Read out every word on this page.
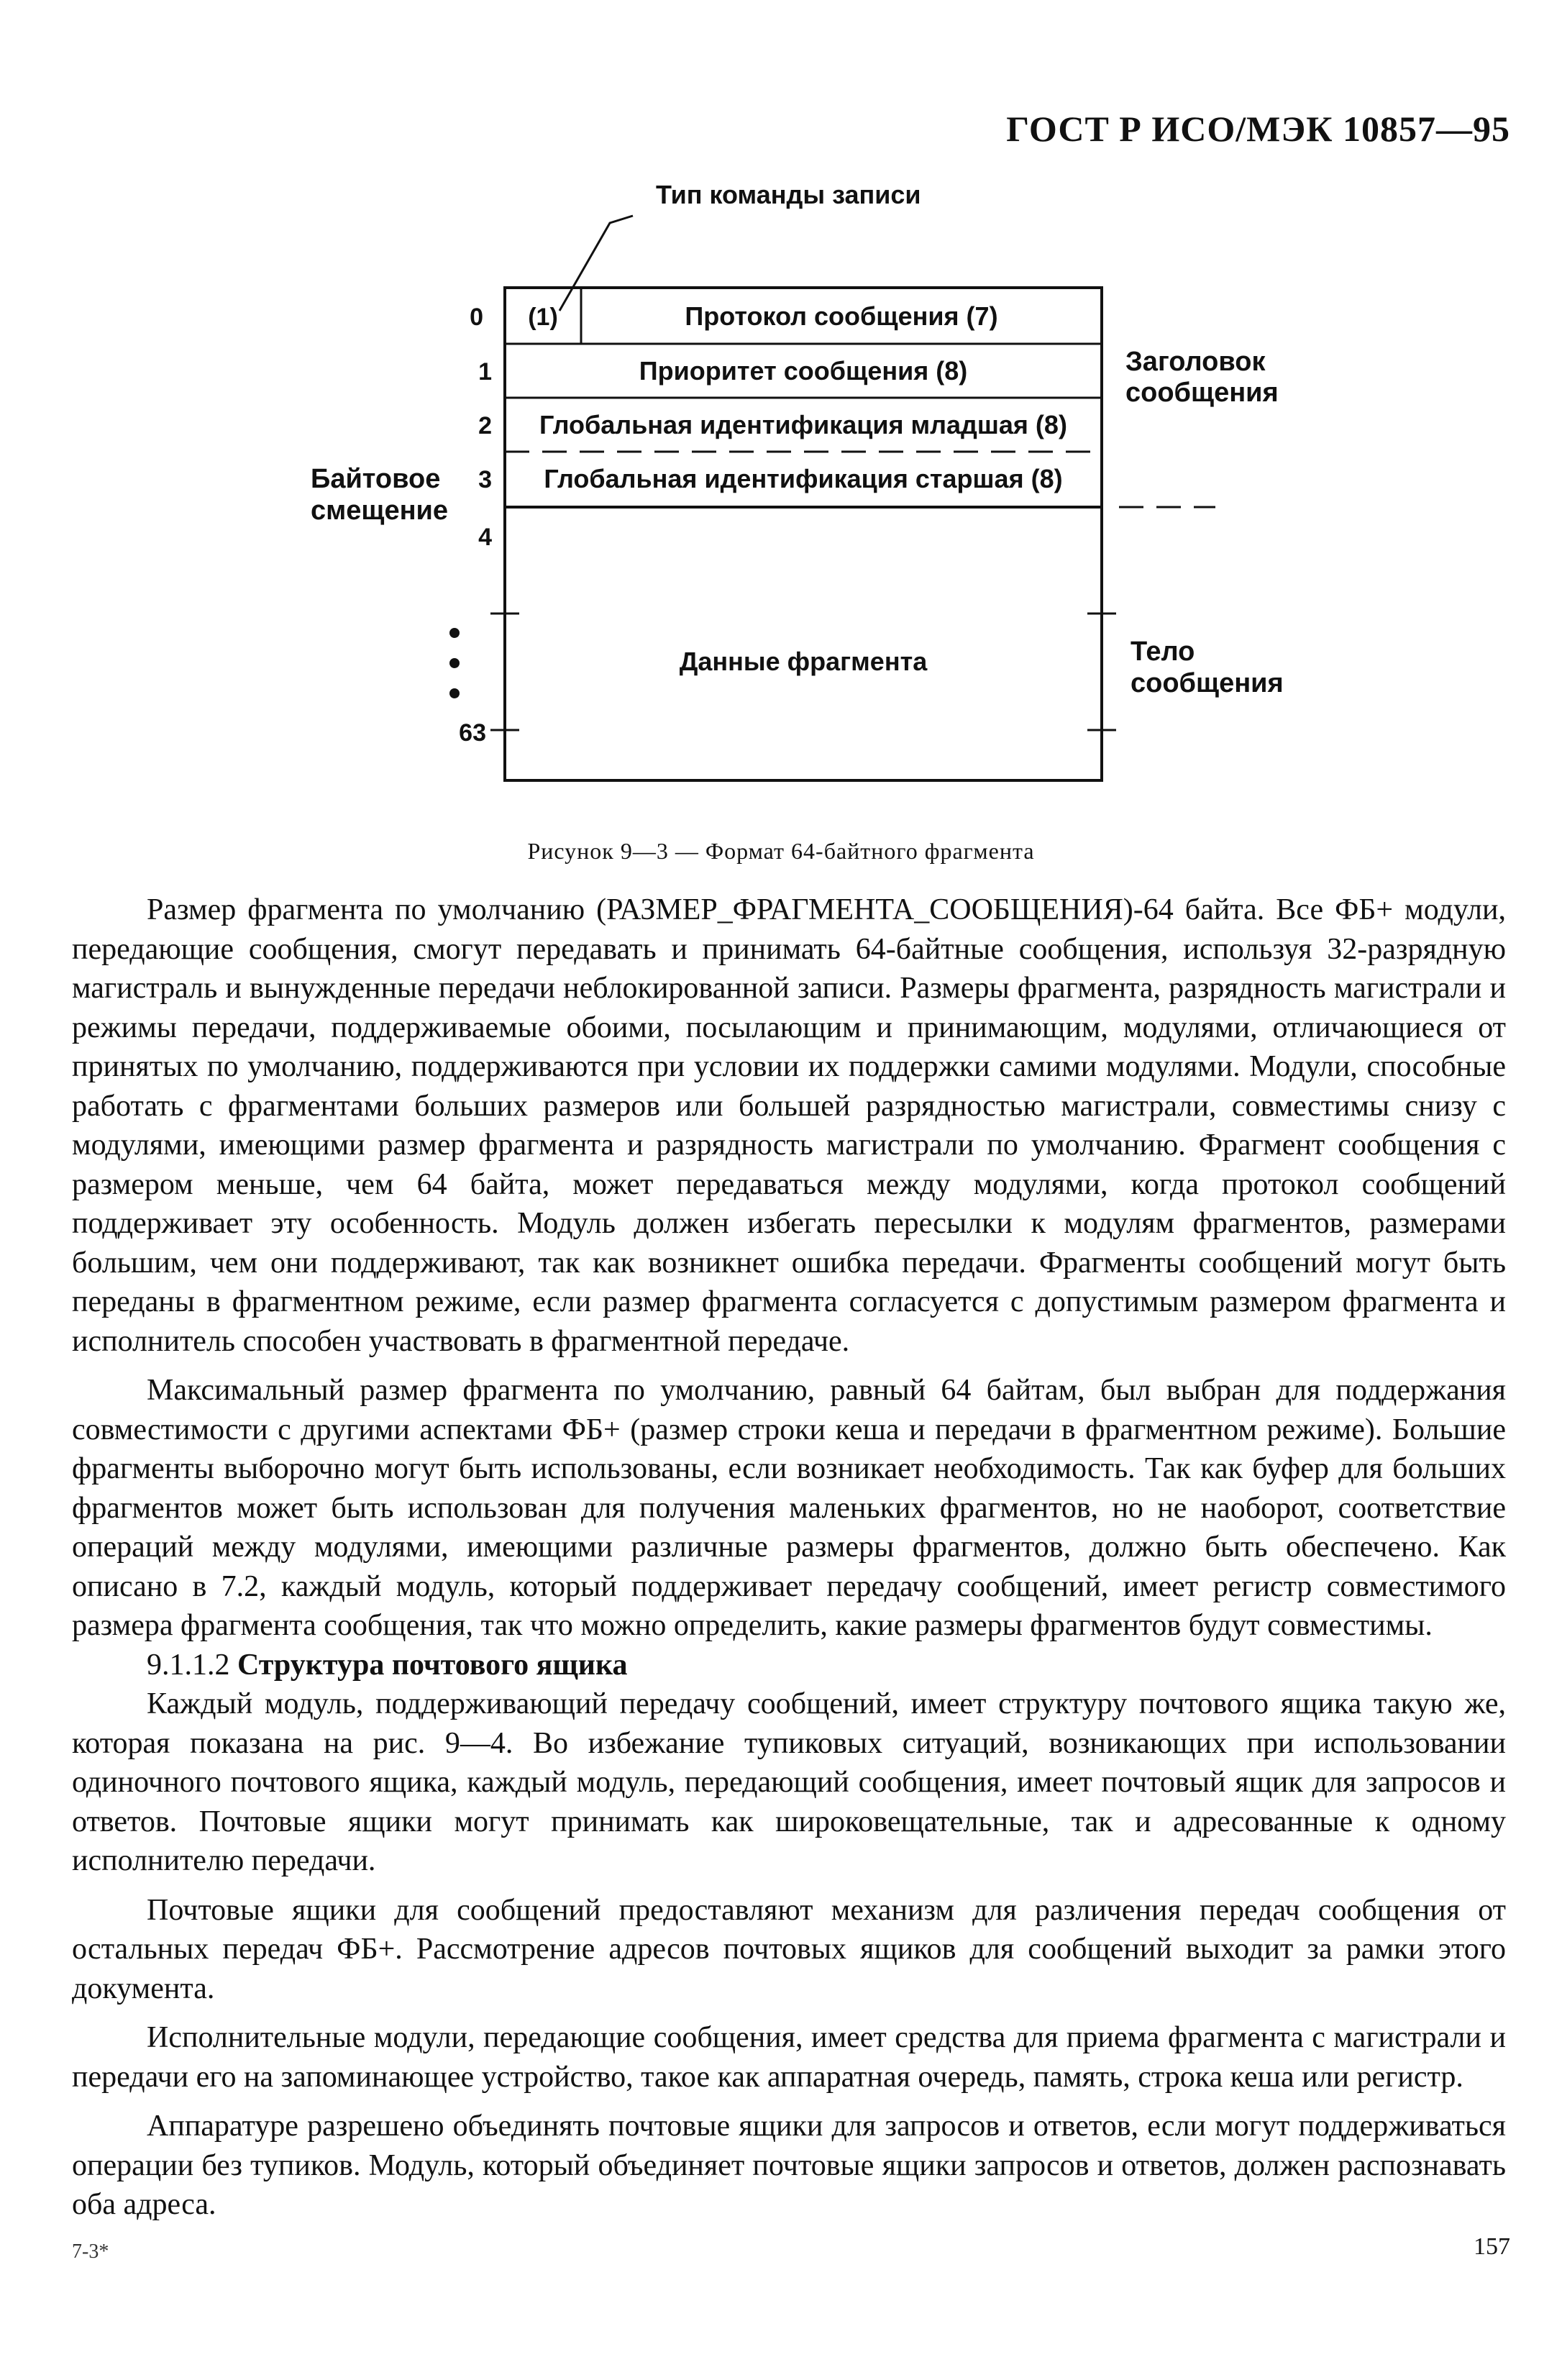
ГОСТ Р ИСО/МЭК 10857—95
Тип команды записи
(1)	Протокол сообщения (7)
Приоритет сообщения (8)
Глобальная идентификация младшая (8)
Глобальная идентификация старшая (8)
Данные фрагмента
0
1
2
3
4
63
Байтовое
смещение
Заголовок
сообщения
Тело
сообщения
Рисунок 9—3 — Формат 64-байтного фрагмента

Размер фрагмента по умолчанию (РАЗМЕР_ФРАГМЕНТА_СООБЩЕНИЯ)-64 байта. Все ФБ+ модули, передающие сообщения, смогут передавать и принимать 64-байтные сообщения, используя 32-разрядную магистраль и вынужденные передачи неблокированной записи. Размеры фрагмента, разрядность магистрали и режимы передачи, поддерживаемые обоими, посылающим и принимающим, модулями, отличающиеся от принятых по умолчанию, поддерживаются при условии их поддержки самими модулями. Модули, способные работать с фрагментами больших размеров или большей разрядностью магистрали, совместимы снизу с модулями, имеющими размер фрагмента и разрядность магистрали по умолчанию. Фрагмент сообщения с размером меньше, чем 64 байта, может передаваться между модулями, когда протокол сообщений поддерживает эту особенность. Модуль должен избегать пересылки к модулям фрагментов, размерами большим, чем они поддерживают, так как возникнет ошибка передачи. Фрагменты сообщений могут быть переданы в фрагментном режиме, если размер фрагмента согласуется с допустимым размером фрагмента и исполнитель способен участвовать в фрагментной передаче.

Максимальный размер фрагмента по умолчанию, равный 64 байтам, был выбран для поддержания совместимости с другими аспектами ФБ+ (размер строки кеша и передачи в фрагментном режиме). Большие фрагменты выборочно могут быть использованы, если возникает необходимость. Так как буфер для больших фрагментов может быть использован для получения маленьких фрагментов, но не наоборот, соответствие операций между модулями, имеющими различные размеры фрагментов, должно быть обеспечено. Как описано в 7.2, каждый модуль, который поддерживает передачу сообщений, имеет регистр совместимого размера фрагмента сообщения, так что можно определить, какие размеры фрагментов будут совместимы.

9.1.1.2 Структура почтового ящика

Каждый модуль, поддерживающий передачу сообщений, имеет структуру почтового ящика такую же, которая показана на рис. 9—4. Во избежание тупиковых ситуаций, возникающих при использовании одиночного почтового ящика, каждый модуль, передающий сообщения, имеет почтовый ящик для запросов и ответов. Почтовые ящики могут принимать как широковещательные, так и адресованные к одному исполнителю передачи.

Почтовые ящики для сообщений предоставляют механизм для различения передач сообщения от остальных передач ФБ+. Рассмотрение адресов почтовых ящиков для сообщений выходит за рамки этого документа.

Исполнительные модули, передающие сообщения, имеет средства для приема фрагмента с магистрали и передачи его на запоминающее устройство, такое как аппаратная очередь, память, строка кеша или регистр.

Аппаратуре разрешено объединять почтовые ящики для запросов и ответов, если могут поддерживаться операции без тупиков. Модуль, который объединяет почтовые ящики запросов и ответов, должен распознавать оба адреса.

7-3*	157
